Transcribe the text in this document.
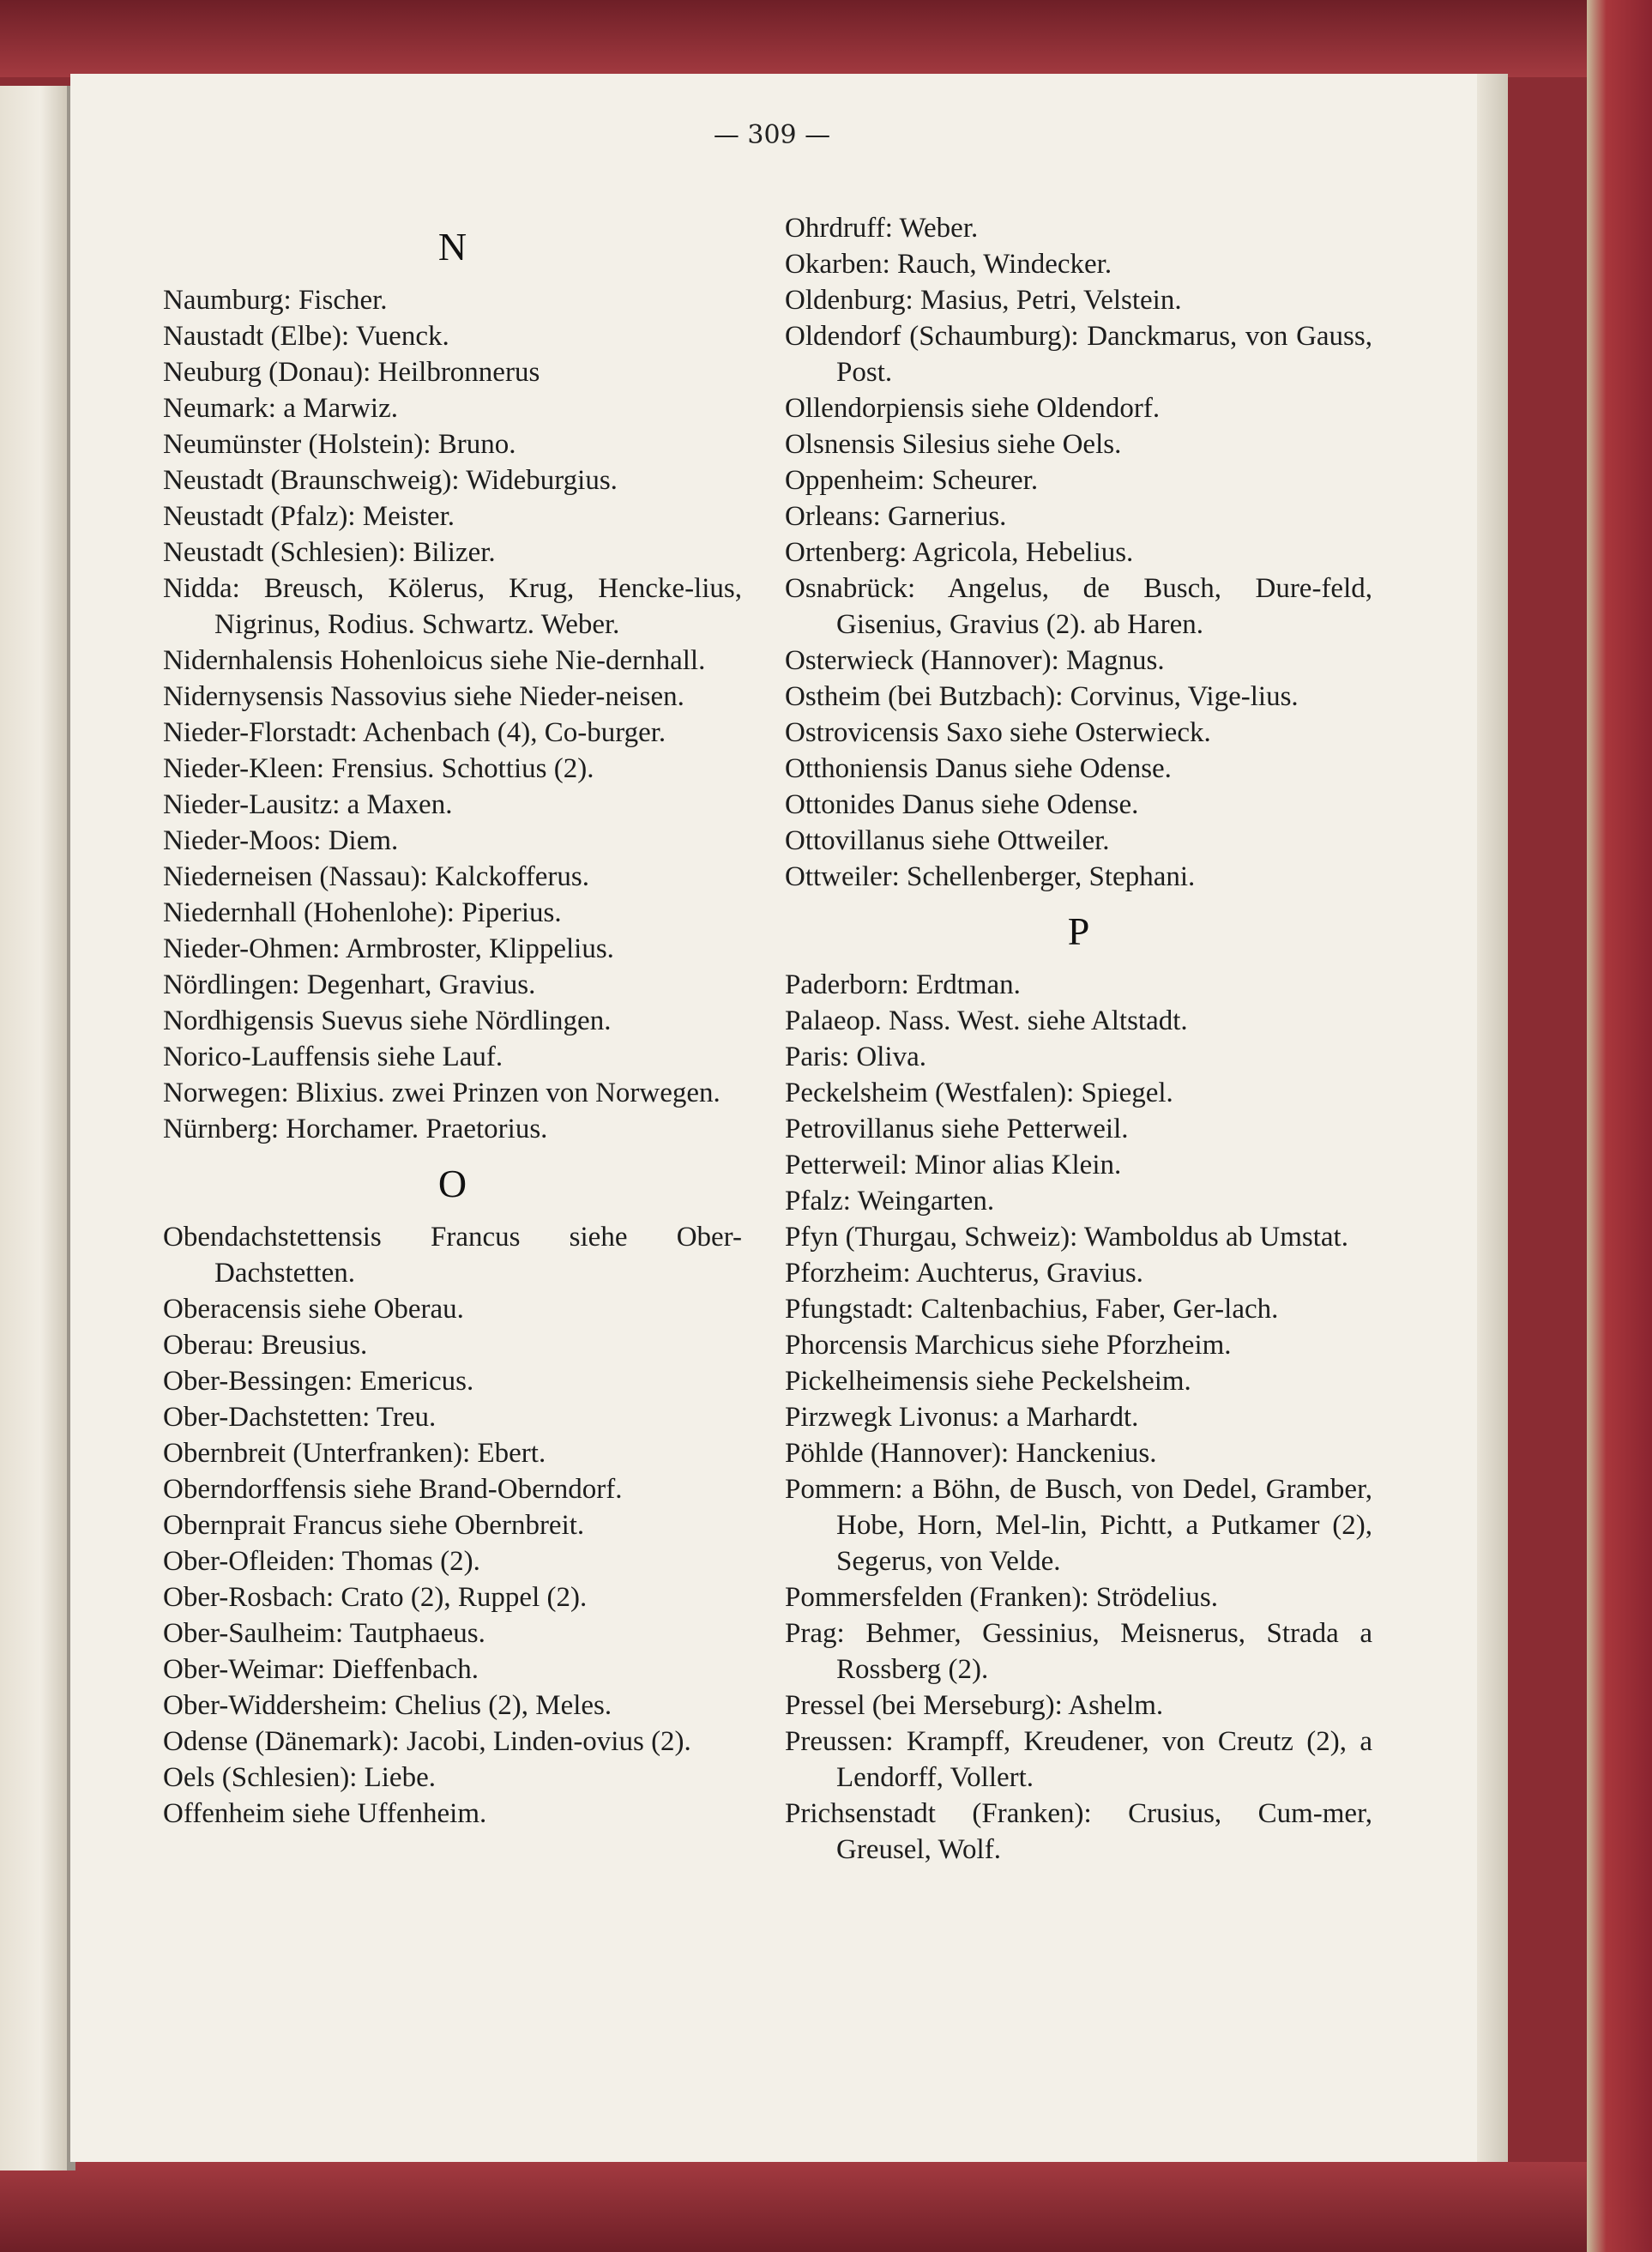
— 309 —
N
Naumburg: Fischer.
Naustadt (Elbe): Vuenck.
Neuburg (Donau): Heilbronnerus
Neumark: a Marwiz.
Neumünster (Holstein): Bruno.
Neustadt (Braunschweig): Wideburgius.
Neustadt (Pfalz): Meister.
Neustadt (Schlesien): Bilizer.
Nidda: Breusch, Kölerus, Krug, Hencke-lius, Nigrinus, Rodius. Schwartz. Weber.
Nidernhalensis Hohenloicus siehe Nie-dernhall.
Nidernysensis Nassovius siehe Nieder-neisen.
Nieder-Florstadt: Achenbach (4), Co-burger.
Nieder-Kleen: Frensius. Schottius (2).
Nieder-Lausitz: a Maxen.
Nieder-Moos: Diem.
Niederneisen (Nassau): Kalckofferus.
Niedernhall (Hohenlohe): Piperius.
Nieder-Ohmen: Armbroster, Klippelius.
Nördlingen: Degenhart, Gravius.
Nordhigensis Suevus siehe Nördlingen.
Norico-Lauffensis siehe Lauf.
Norwegen: Blixius. zwei Prinzen von Norwegen.
Nürnberg: Horchamer. Praetorius.
O
Obendachstettensis Francus siehe Ober-Dachstetten.
Oberacensis siehe Oberau.
Oberau: Breusius.
Ober-Bessingen: Emericus.
Ober-Dachstetten: Treu.
Obernbreit (Unterfranken): Ebert.
Oberndorffensis siehe Brand-Oberndorf.
Obernprait Francus siehe Obernbreit.
Ober-Ofleiden: Thomas (2).
Ober-Rosbach: Crato (2), Ruppel (2).
Ober-Saulheim: Tautphaeus.
Ober-Weimar: Dieffenbach.
Ober-Widdersheim: Chelius (2), Meles.
Odense (Dänemark): Jacobi, Linden-ovius (2).
Oels (Schlesien): Liebe.
Offenheim siehe Uffenheim.
Ohrdruff: Weber.
Okarben: Rauch, Windecker.
Oldenburg: Masius, Petri, Velstein.
Oldendorf (Schaumburg): Danckmarus, von Gauss, Post.
Ollendorpiensis siehe Oldendorf.
Olsnensis Silesius siehe Oels.
Oppenheim: Scheurer.
Orleans: Garnerius.
Ortenberg: Agricola, Hebelius.
Osnabrück: Angelus, de Busch, Dure-feld, Gisenius, Gravius (2). ab Haren.
Osterwieck (Hannover): Magnus.
Ostheim (bei Butzbach): Corvinus, Vige-lius.
Ostrovicensis Saxo siehe Osterwieck.
Otthoniensis Danus siehe Odense.
Ottonides Danus siehe Odense.
Ottovillanus siehe Ottweiler.
Ottweiler: Schellenberger, Stephani.
P
Paderborn: Erdtman.
Palaeop. Nass. West. siehe Altstadt.
Paris: Oliva.
Peckelsheim (Westfalen): Spiegel.
Petrovillanus siehe Petterweil.
Petterweil: Minor alias Klein.
Pfalz: Weingarten.
Pfyn (Thurgau, Schweiz): Wamboldus ab Umstat.
Pforzheim: Auchterus, Gravius.
Pfungstadt: Caltenbachius, Faber, Ger-lach.
Phorcensis Marchicus siehe Pforzheim.
Pickelheimensis siehe Peckelsheim.
Pirzwegk Livonus: a Marhardt.
Pöhlde (Hannover): Hanckenius.
Pommern: a Böhn, de Busch, von Dedel, Gramber, Hobe, Horn, Mel-lin, Pichtt, a Putkamer (2), Segerus, von Velde.
Pommersfelden (Franken): Strödelius.
Prag: Behmer, Gessinius, Meisnerus, Strada a Rossberg (2).
Pressel (bei Merseburg): Ashelm.
Preussen: Krampff, Kreudener, von Creutz (2), a Lendorff, Vollert.
Prichsenstadt (Franken): Crusius, Cum-mer, Greusel, Wolf.
